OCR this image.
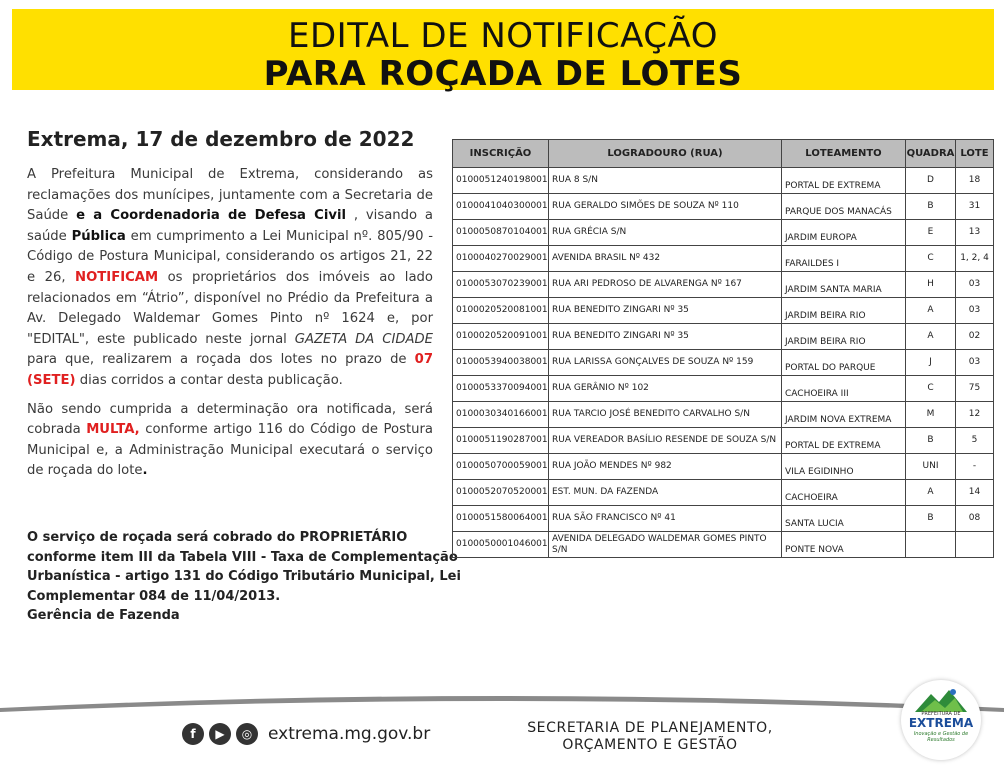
EDITAL DE NOTIFICAÇÃO
PARA ROÇADA DE LOTES
Extrema, 17 de dezembro de 2022

A Prefeitura Municipal de Extrema, considerando as reclamações dos munícipes, juntamente com a Secretaria de Saúde e a Coordenadoria de Defesa Civil , visando a saúde Pública em cumprimento a Lei Municipal nº. 805/90 - Código de Postura Municipal, considerando os artigos 21, 22 e 26, NOTIFICAM os proprietários dos imóveis ao lado relacionados em “Átrio”, disponível no Prédio da Prefeitura a Av. Delegado Waldemar Gomes Pinto nº 1624 e, por "EDITAL", este publicado neste jornal GAZETA DA CIDADE para que, realizarem a roçada dos lotes no prazo de 07 (SETE) dias corridos a contar desta publicação.

Não sendo cumprida a determinação ora notificada, será cobrada MULTA, conforme artigo 116 do Código de Postura Municipal e, a Administração Municipal executará o serviço de roçada do lote.

O serviço de roçada será cobrado do PROPRIETÁRIO
conforme item III da Tabela VIII - Taxa de Complementação
Urbanística - artigo 131 do Código Tributário Municipal, Lei
Complementar 084 de 11/04/2013.
Gerência de Fazenda
INSCRIÇÃO	LOGRADOURO (RUA)	LOTEAMENTO	QUADRA	LOTE
0100051240198001	RUA 8 S/N	PORTAL DE EXTREMA	D	18
0100041040300001	RUA GERALDO SIMÕES DE SOUZA Nº 110	PARQUE DOS MANACÁS	B	31
0100050870104001	RUA GRÉCIA S/N	JARDIM EUROPA	E	13
0100040270029001	AVENIDA BRASIL Nº 432	FARAILDES I	C	1, 2, 4
0100053070239001	RUA ARI PEDROSO DE ALVARENGA Nº 167	JARDIM SANTA MARIA	H	03
0100020520081001	RUA BENEDITO ZINGARI Nº 35	JARDIM BEIRA RIO	A	03
0100020520091001	RUA BENEDITO ZINGARI Nº 35	JARDIM BEIRA RIO	A	02
0100053940038001	RUA LARISSA GONÇALVES DE SOUZA Nº 159	PORTAL DO PARQUE	J	03
0100053370094001	RUA GERÂNIO Nº 102	CACHOEIRA III	C	75
0100030340166001	RUA TARCIO JOSÉ BENEDITO CARVALHO S/N	JARDIM NOVA EXTREMA	M	12
0100051190287001	RUA VEREADOR BASÍLIO RESENDE DE SOUZA S/N	PORTAL DE EXTREMA	B	5
0100050700059001	RUA JOÃO MENDES Nº 982	VILA EGIDINHO	UNI	-
0100052070520001	EST. MUN. DA FAZENDA	CACHOEIRA	A	14
0100051580064001	RUA SÃO FRANCISCO Nº 41	SANTA LUCIA	B	08
0100050001046001	AVENIDA DELEGADO WALDEMAR GOMES PINTO S/N	PONTE NOVA		
f	▶	◎ extrema.mg.gov.br	SECRETARIA DE PLANEJAMENTO,
ORÇAMENTO E GESTÃO
PREFEITURA DE
EXTREMA
Inovação e Gestão de
Resultados
